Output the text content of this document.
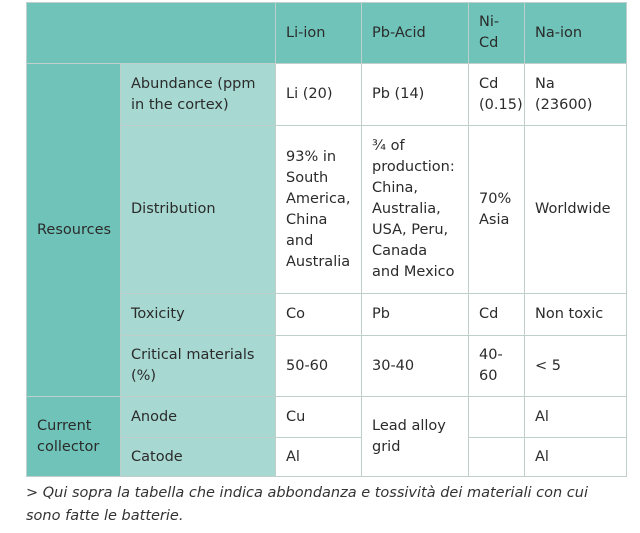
		Li-ion	Pb-Acid	Ni-Cd	Na-ion
Resources	Abundance (ppm in the cortex)	Li (20)	Pb (14)	Cd (0.15)	Na (23600)
	Distribution	93% in South America, China and Australia	¾ of production: China, Australia, USA, Peru, Canada and Mexico	70% Asia	Worldwide
	Toxicity	Co	Pb	Cd	Non toxic
	Critical materials (%)	50-60	30-40	40-60	< 5
Current collector	Anode	Cu	Lead alloy grid		Al
	Catode	Al			Al
> Qui sopra la tabella che indica abbondanza e tossività dei materiali con cui sono fatte le batterie.
